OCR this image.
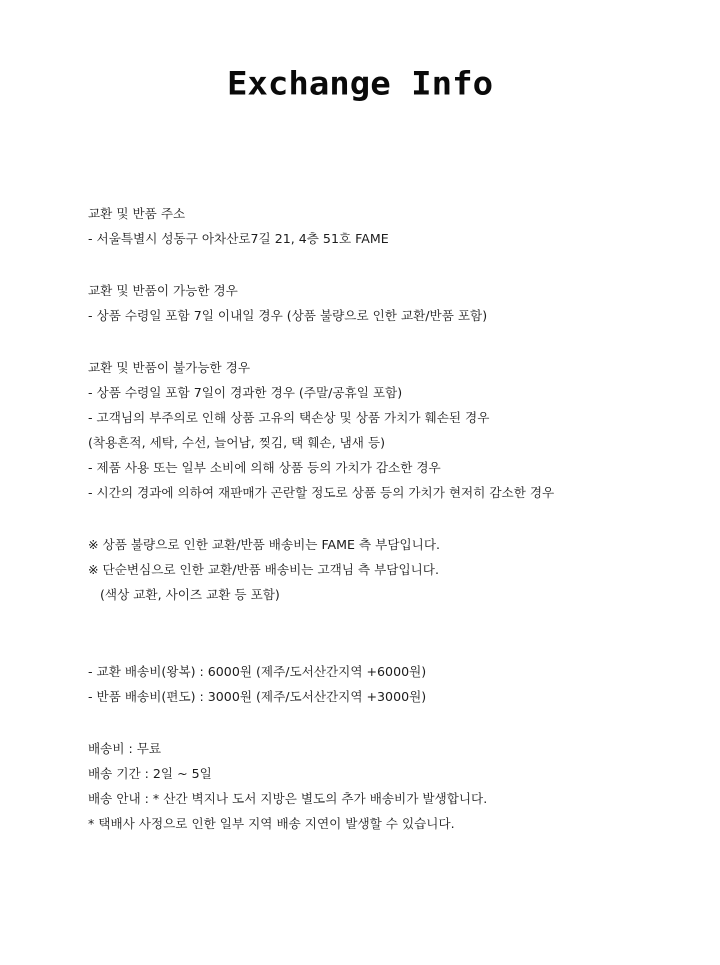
Exchange Info
교환 및 반품 주소
- 서울특별시 성동구 아차산로7길 21, 4층 51호 FAME
교환 및 반품이 가능한 경우
- 상품 수령일 포함 7일 이내일 경우 (상품 불량으로 인한 교환/반품 포함)
교환 및 반품이 불가능한 경우
- 상품 수령일 포함 7일이 경과한 경우 (주말/공휴일 포함)
- 고객님의 부주의로 인해 상품 고유의 택손상 및 상품 가치가 훼손된 경우
(착용흔적, 세탁, 수선, 늘어남, 찢김, 택 훼손, 냄새 등)
- 제품 사용 또는 일부 소비에 의해 상품 등의 가치가 감소한 경우
- 시간의 경과에 의하여 재판매가 곤란할 정도로 상품 등의 가치가 현저히 감소한 경우
※ 상품 불량으로 인한 교환/반품 배송비는 FAME 측 부담입니다.
※ 단순변심으로 인한 교환/반품 배송비는 고객님 측 부담입니다.
(색상 교환, 사이즈 교환 등 포함)
- 교환 배송비(왕복) : 6000원 (제주/도서산간지역 +6000원)
- 반품 배송비(편도) : 3000원 (제주/도서산간지역 +3000원)
배송비 : 무료
배송 기간 : 2일 ~ 5일
배송 안내 : * 산간 벽지나 도서 지방은 별도의 추가 배송비가 발생합니다.
* 택배사 사정으로 인한 일부 지역 배송 지연이 발생할 수 있습니다.
